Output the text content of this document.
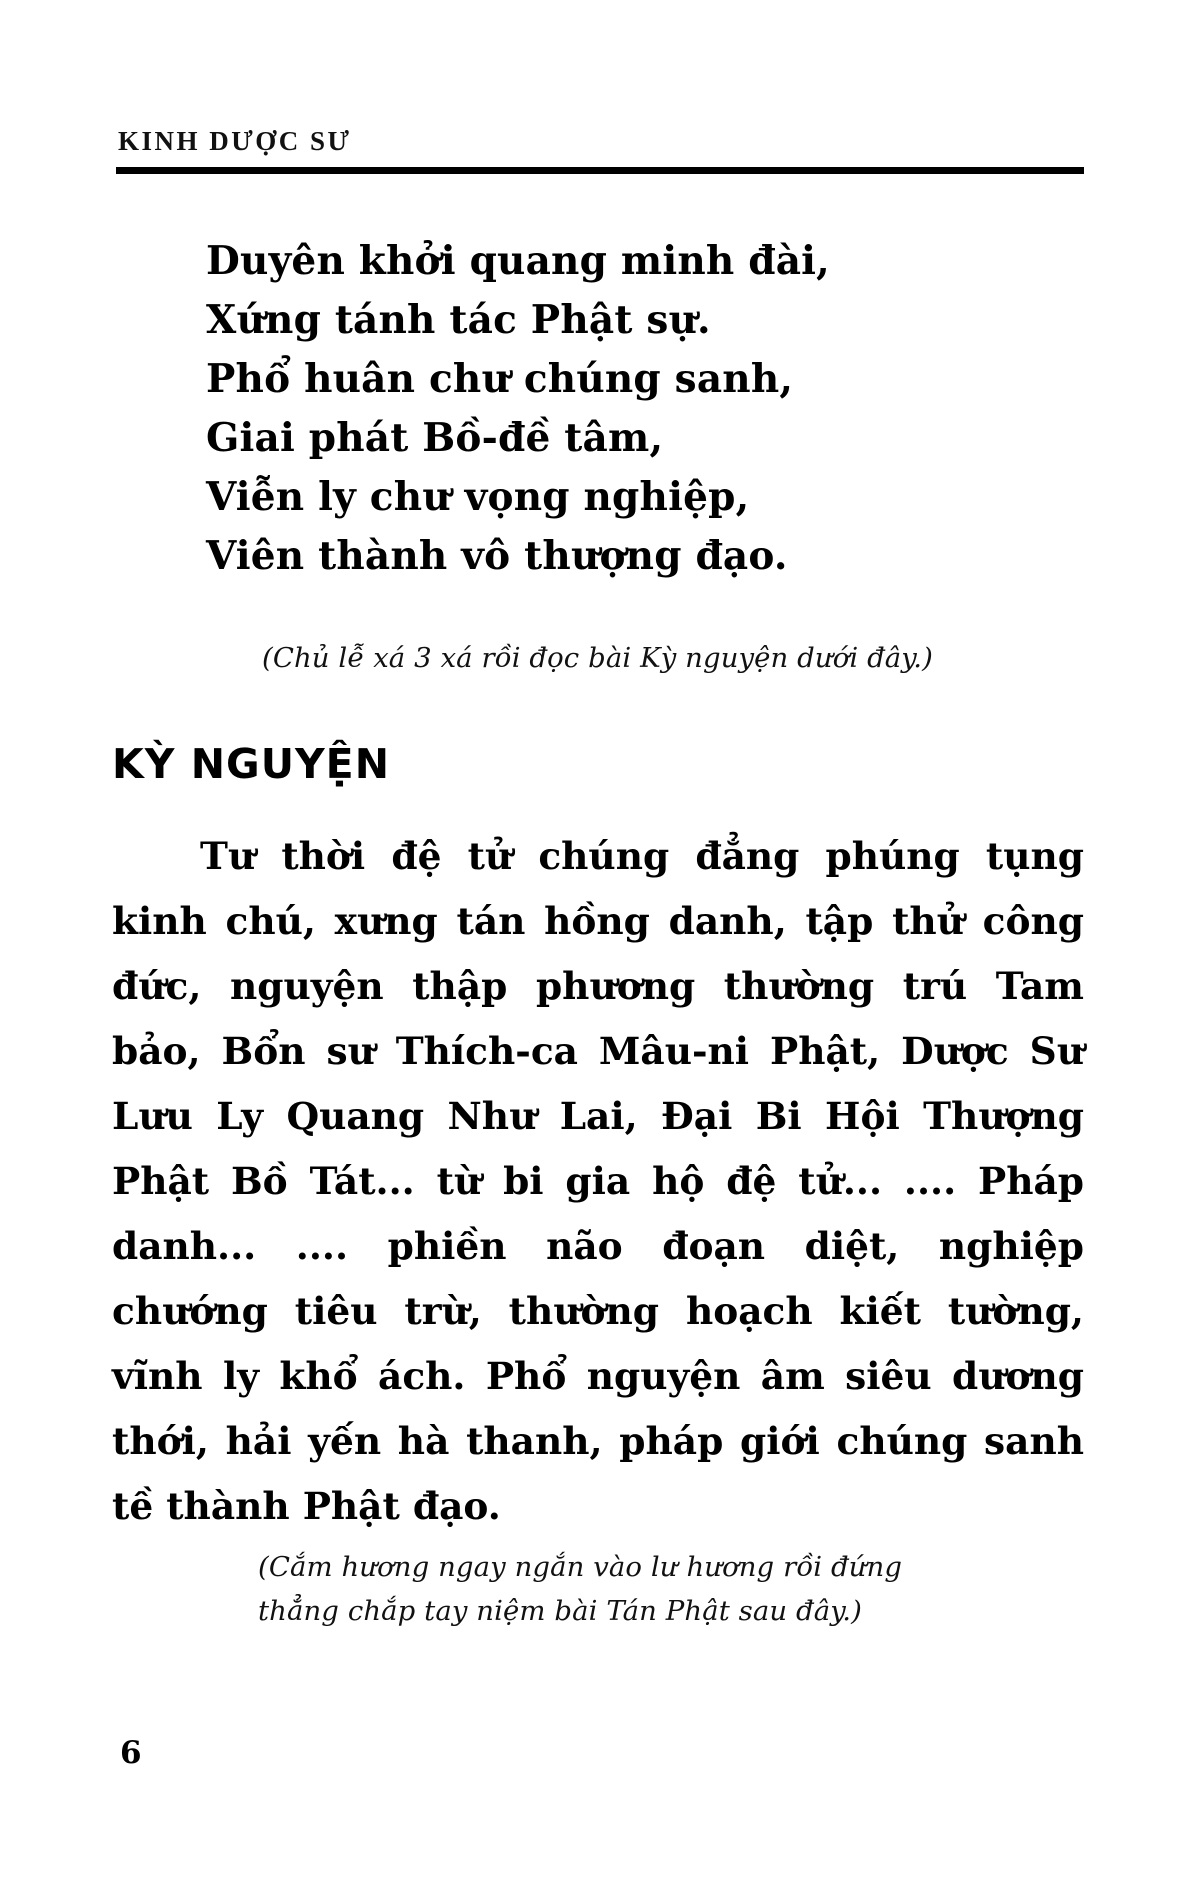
KINH DƯỢC SƯ
Duyên khởi quang minh đài,
Xứng tánh tác Phật sự.
Phổ huân chư chúng sanh,
Giai phát Bồ-đề tâm,
Viễn ly chư vọng nghiệp,
Viên thành vô thượng đạo.
(Chủ lễ xá 3 xá rồi đọc bài Kỳ nguyện dưới đây.)
KỲ NGUYỆN
Tư thời đệ tử chúng đẳng phúng tụng kinh chú, xưng tán hồng danh, tập thử công đức, nguyện thập phương thường trú Tam bảo, Bổn sư Thích-ca Mâu-ni Phật, Dược Sư Lưu Ly Quang Như Lai, Đại Bi Hội Thượng Phật Bồ Tát... từ bi gia hộ đệ tử... .... Pháp danh... .... phiền não đoạn diệt, nghiệp chướng tiêu trừ, thường hoạch kiết tường, vĩnh ly khổ ách. Phổ nguyện âm siêu dương thới, hải yến hà thanh, pháp giới chúng sanh tề thành Phật đạo.
(Cắm hương ngay ngắn vào lư hương rồi đứng
thẳng chắp tay niệm bài Tán Phật sau đây.)
6
